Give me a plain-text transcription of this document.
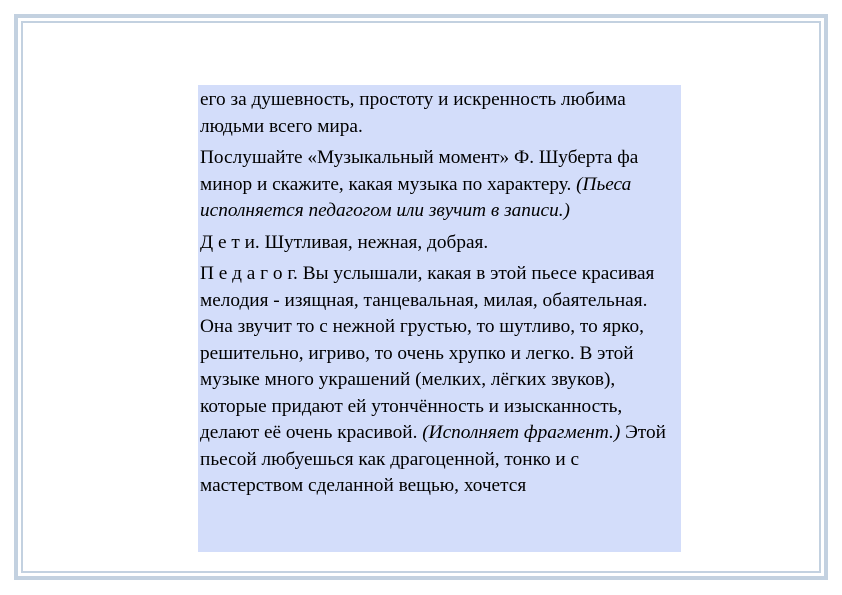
его за душевность, простоту и искренность любима людьми всего мира.

Послушайте «Музыкальный момент» Ф. Шуберта фа минор и скажите, какая музыка по характеру. (Пьеса исполняется педагогом или звучит в записи.)

Д е т и. Шутливая, нежная, добрая.

П е д а г о г. Вы услышали, какая в этой пьесе красивая мелодия - изящная, танцевальная, милая, обаятельная. Она звучит то с нежной грустью, то шутливо, то ярко, решительно, игриво, то очень хрупко и легко. В этой музыке много украшений (мелких, лёгких звуков), которые придают ей утончённость и изысканность, делают её очень красивой. (Исполняет фрагмент.) Этой пьесой любуешься как драгоценной, тонко и с мастерством сделанной вещью, хочется
